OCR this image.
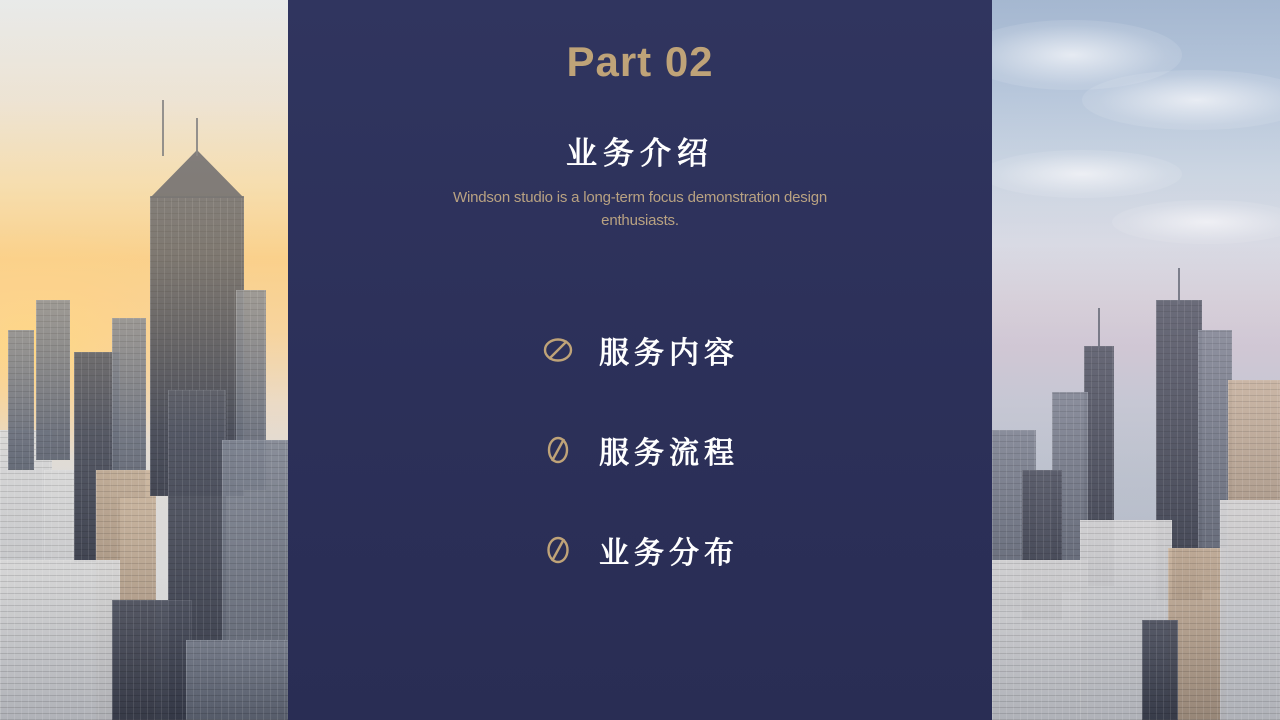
Part 02
业务介绍
Windson studio is a long-term focus demonstration design enthusiasts.
服务内容
服务流程
业务分布
